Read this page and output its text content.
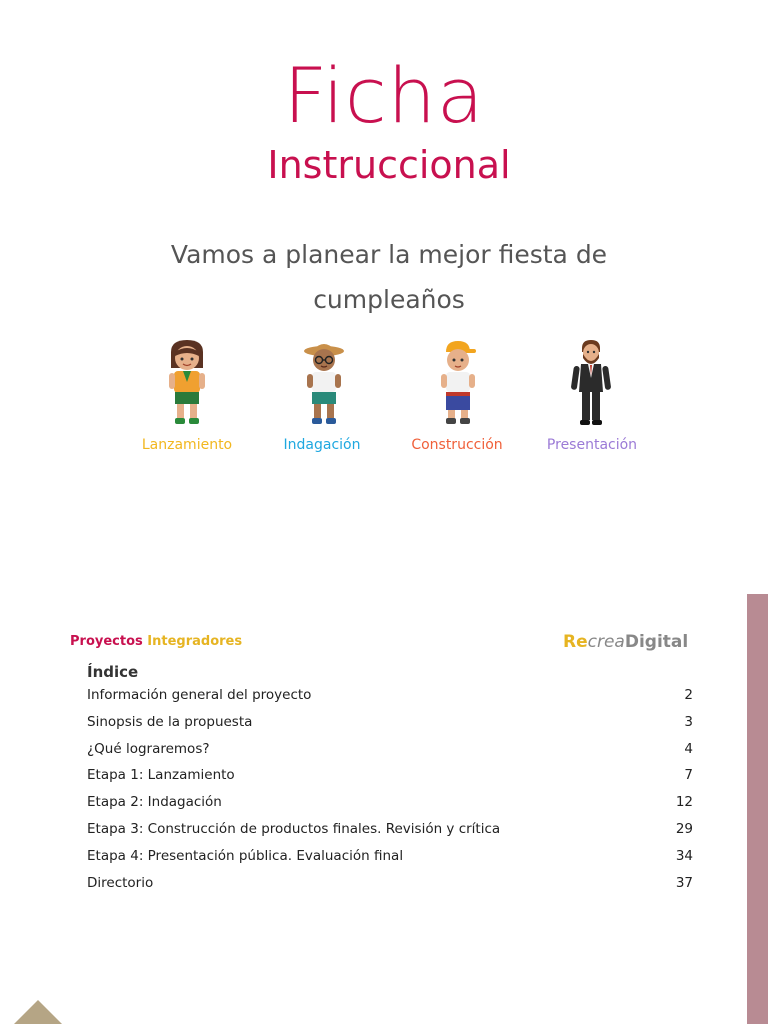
Ficha
Instruccional
Vamos a planear la mejor fiesta de cumpleaños
Lanzamiento	Indagación	Construcción	Presentación
Proyectos Integradores	RecreaDigital
Índice
Información general del proyecto	2
Sinopsis de la propuesta	3
¿Qué lograremos?	4
Etapa 1: Lanzamiento	7
Etapa 2: Indagación	12
Etapa 3: Construcción de productos finales. Revisión y crítica	29
Etapa 4: Presentación pública. Evaluación final	34
Directorio	37
